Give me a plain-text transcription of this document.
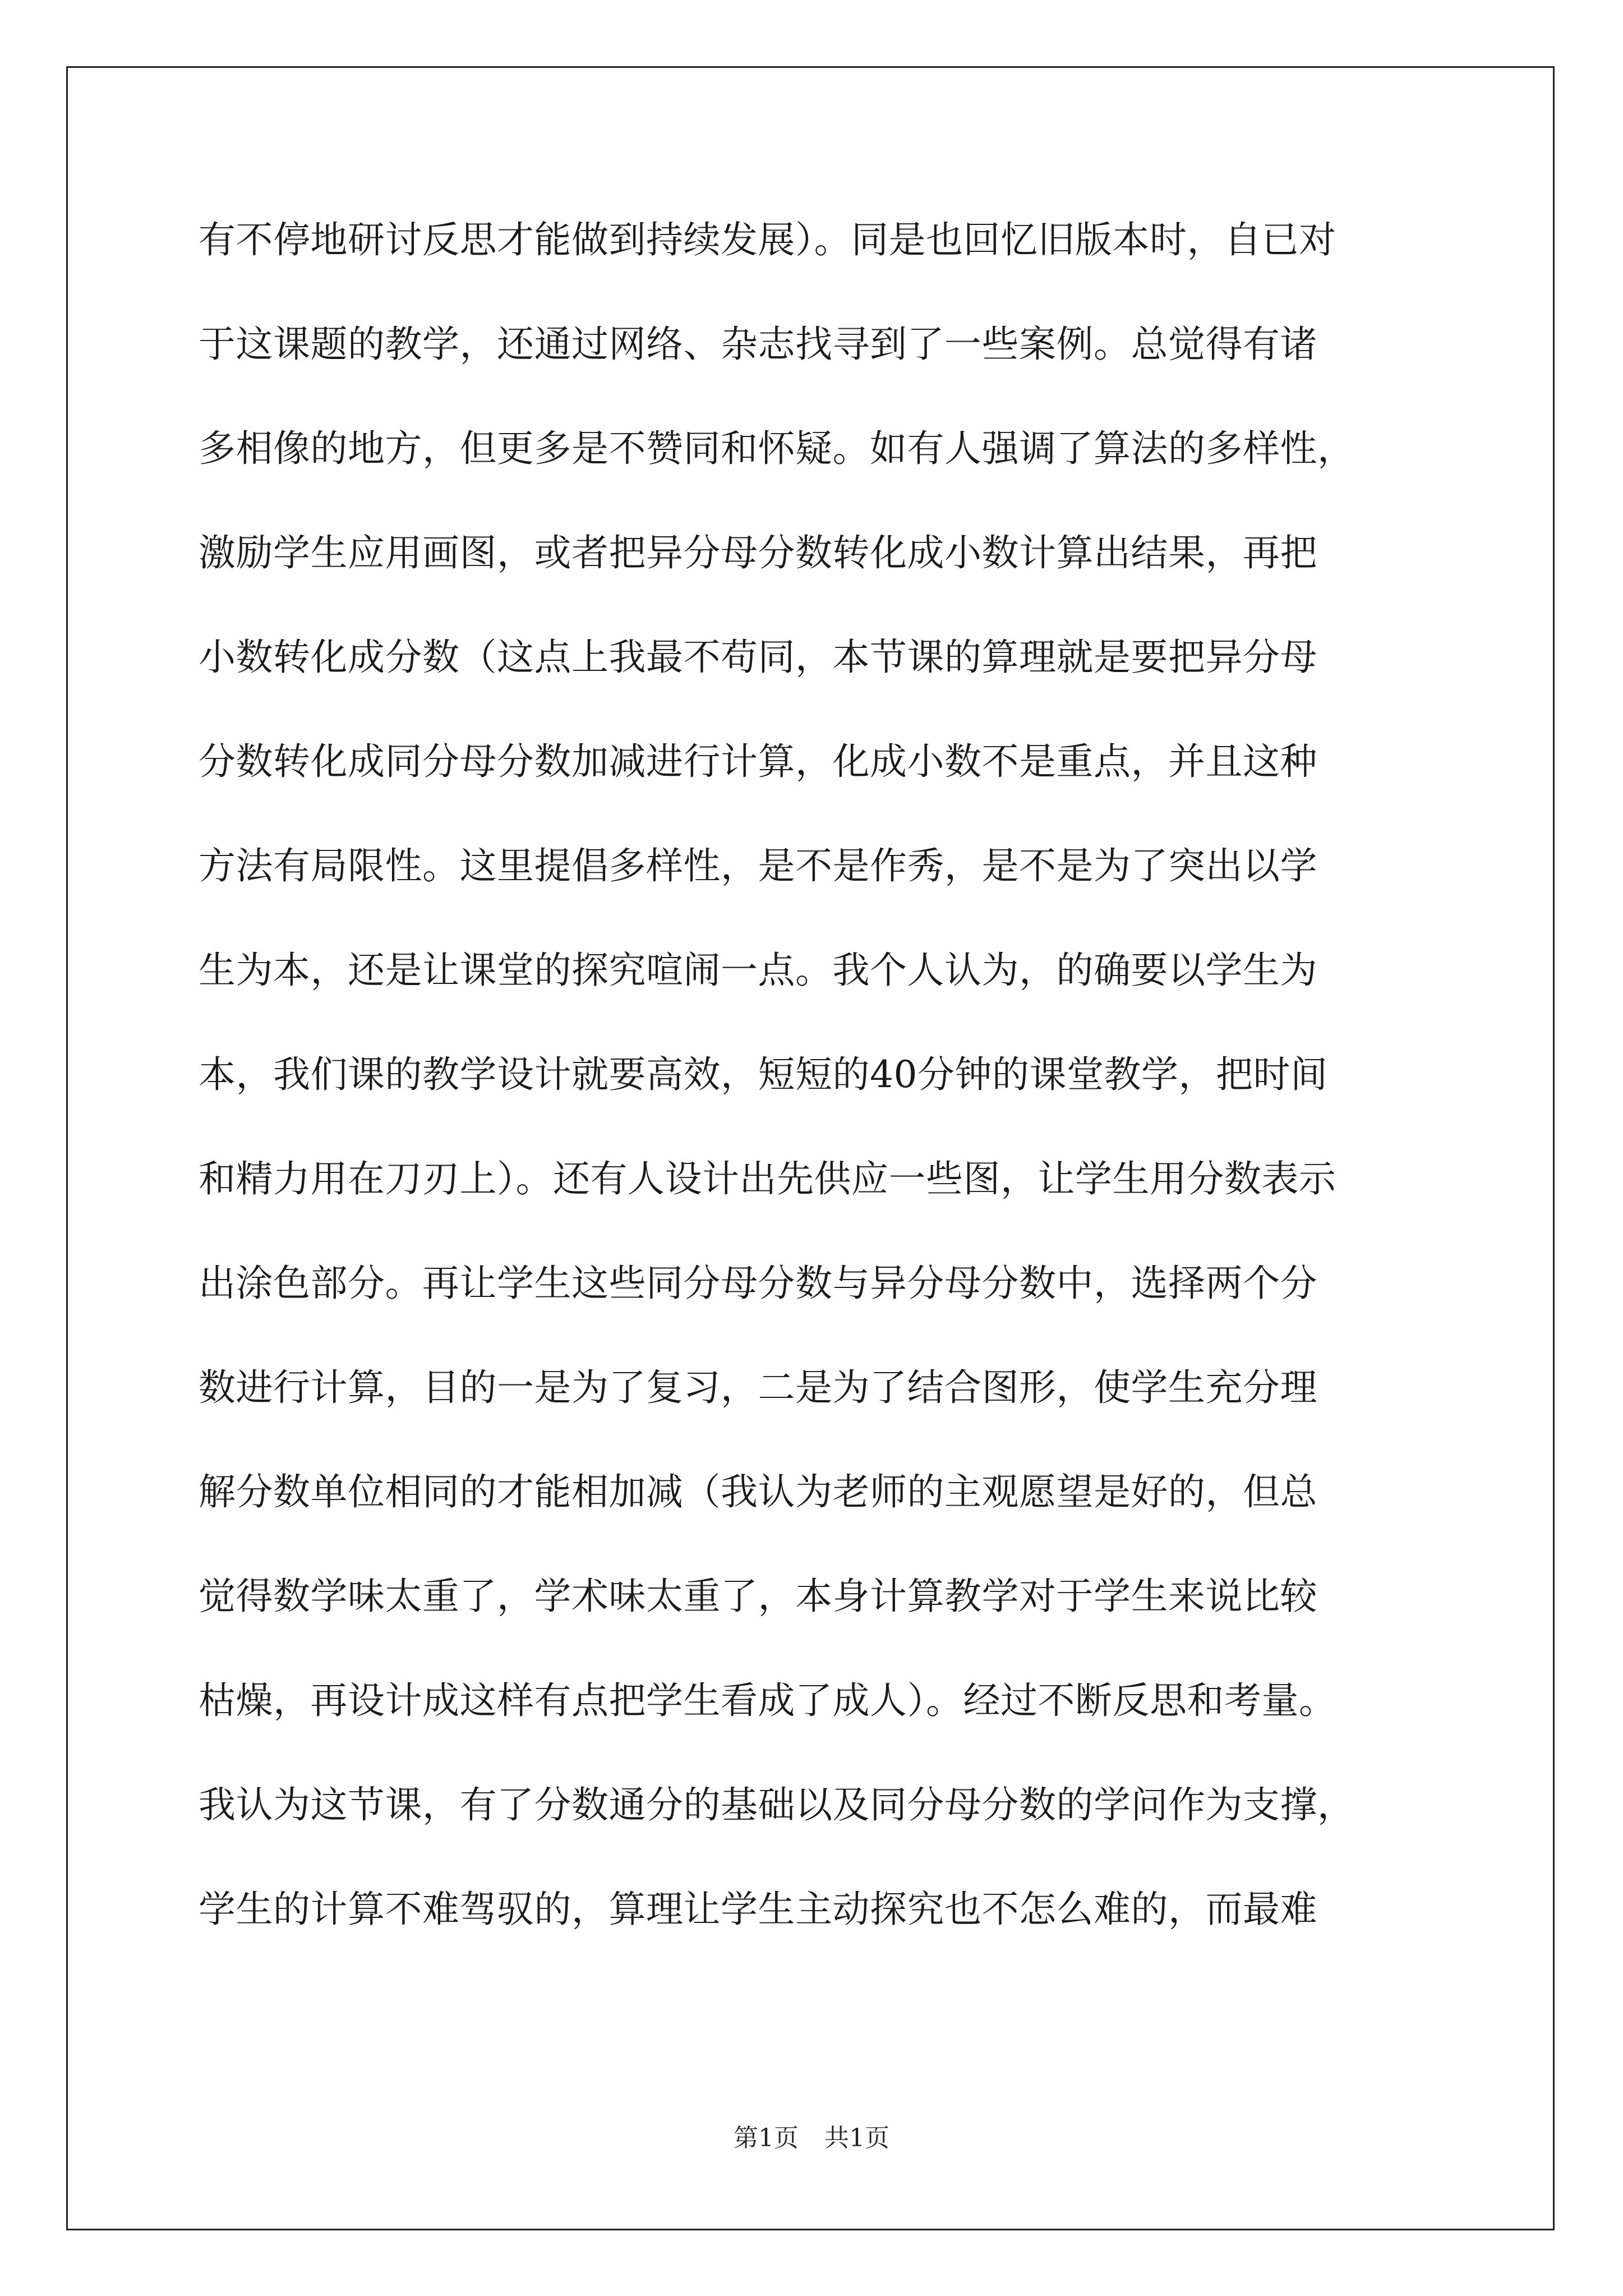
有不停地研讨反思才能做到持续发展）。同是也回忆旧版本时，自已对
于这课题的教学，还通过网络、杂志找寻到了一些案例。总觉得有诸
多相像的地方，但更多是不赞同和怀疑。如有人强调了算法的多样性，
激励学生应用画图，或者把异分母分数转化成小数计算出结果，再把
小数转化成分数（这点上我最不苟同，本节课的算理就是要把异分母
分数转化成同分母分数加减进行计算，化成小数不是重点，并且这种
方法有局限性。这里提倡多样性，是不是作秀，是不是为了突出以学
生为本，还是让课堂的探究喧闹一点。我个人认为，的确要以学生为
本，我们课的教学设计就要高效，短短的40分钟的课堂教学，把时间
和精力用在刀刃上）。还有人设计出先供应一些图，让学生用分数表示
出涂色部分。再让学生这些同分母分数与异分母分数中，选择两个分
数进行计算，目的一是为了复习，二是为了结合图形，使学生充分理
解分数单位相同的才能相加减（我认为老师的主观愿望是好的，但总
觉得数学味太重了，学术味太重了，本身计算教学对于学生来说比较
枯燥，再设计成这样有点把学生看成了成人）。经过不断反思和考量。
我认为这节课，有了分数通分的基础以及同分母分数的学问作为支撑，
学生的计算不难驾驭的，算理让学生主动探究也不怎么难的，而最难
第1页 共1页
